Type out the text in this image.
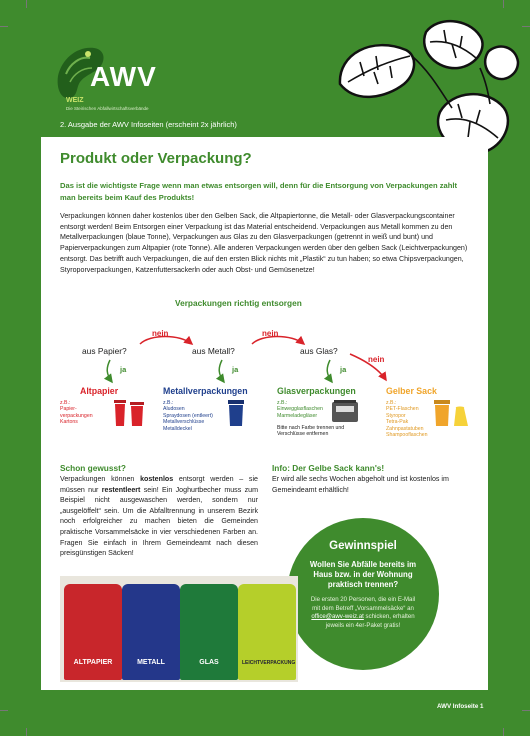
AWV
WEIZ
Die Steirischen Abfallwirtschaftsverbände
2. Ausgabe der AWV Infoseiten (erscheint 2x jährlich)
Produkt oder Verpackung?
Das ist die wichtigste Frage wenn man etwas entsorgen will, denn für die Entsorgung von Verpackungen zahlt man bereits beim Kauf des Produkts!
Verpackungen können daher kostenlos über den Gelben Sack, die Altpapiertonne, die Metall- oder Glasverpackungscontainer entsorgt werden! Beim Entsorgen einer Verpackung ist das Material entscheidend. Verpackungen aus Metall kommen zu den Metallverpackungen (blaue Tonne), Verpackungen aus Glas zu den Glasverpackungen (getrennt in weiß und bunt) und Papierverpackungen zum Altpapier (rote Tonne). Alle anderen Verpackungen werden über den gelben Sack (Leichtverpackungen) entsorgt. Das betrifft auch Verpackungen, die auf den ersten Blick nichts mit „Plastik“ zu tun haben; so etwa Chipsverpackungen, Styroporverpackungen, Katzenfuttersackerln oder auch Obst- und Gemüsenetze!
Verpackungen richtig entsorgen
nein	nein
nein
aus Papier?	aus Metall?	aus Glas?
ja	ja	ja
Altpapier	Metallverpackungen	Glasverpackungen	Gelber Sack
z.B.:
Papier-
verpackungen
Kartons
z.B.:
Aludosen
Spraydosen (entleert)
Metallverschlüsse
Metalldeckel
z.B.:
Einwegglasflaschen
Marmeladegläser
Bitte nach Farbe trennen und Verschlüsse entfernen
z.B.:
PET-Flaschen
Styropor
Tetra-Pak
Zahnpastatuben
Shampooflaschen
Schon gewusst?
Verpackungen können kostenlos entsorgt werden – sie müssen nur restentleert sein! Ein Joghurtbecher muss zum Beispiel nicht ausgewaschen werden, sondern nur „ausgelöffelt“ sein. Um die Abfalltrennung in unserem Bezirk noch erfolgreicher zu machen bieten die Gemeinden praktische Vorsammelsäcke in vier verschiedenen Farben an. Fragen Sie einfach in Ihrem Gemeindeamt nach diesen preisgünstigen Säcken!
Info: Der Gelbe Sack kann's!
Er wird alle sechs Wochen abgeholt und ist kostenlos im Gemeindeamt erhältlich!
Gewinnspiel
Wollen Sie Abfälle bereits im Haus bzw. in der Wohnung praktisch trennen?
Die ersten 20 Personen, die ein E-Mail mit dem Betreff „Vorsammelsäcke“ an office@awv-weiz.at schicken, erhalten jeweils ein 4er-Paket gratis!
ALTPAPIER	METALL	GLAS	LEICHTVERPACKUNG
AWV Infoseite 1
